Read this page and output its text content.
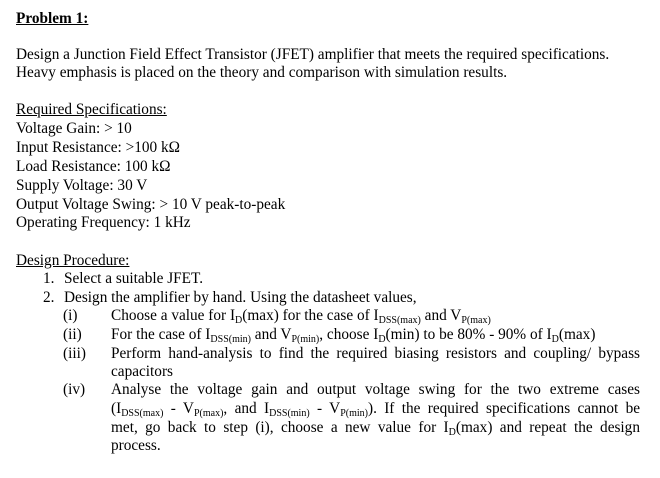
Problem 1:
Design a Junction Field Effect Transistor (JFET) amplifier that meets the required specifications.
Heavy emphasis is placed on the theory and comparison with simulation results.
Required Specifications:
Voltage Gain: > 10
Input Resistance: >100 kΩ
Load Resistance: 100 kΩ
Supply Voltage: 30 V
Output Voltage Swing: > 10 V peak-to-peak
Operating Frequency: 1 kHz
Design Procedure:
1. Select a suitable JFET.
2. Design the amplifier by hand. Using the datasheet values,
(i) Choose a value for $I_D(\max)$ for the case of $I_{DSS(max)}$ and $V_{P(max)}$
(ii) For the case of $I_{DSS(min)}$ and $V_{P(min)}$, choose $I_D(\min)$ to be 80% - 90% of $I_D(\max)$
(iii) Perform hand-analysis to find the required biasing resistors and coupling/ bypass
capacitors
(iv) Analyse the voltage gain and output voltage swing for the two extreme cases
($I_{DSS(max)} - V_{P(max)}$, and $I_{DSS(min)} - V_{P(min)}$). If the required specifications cannot be
met, go back to step (i), choose a new value for $I_D(\max)$ and repeat the design
process.
